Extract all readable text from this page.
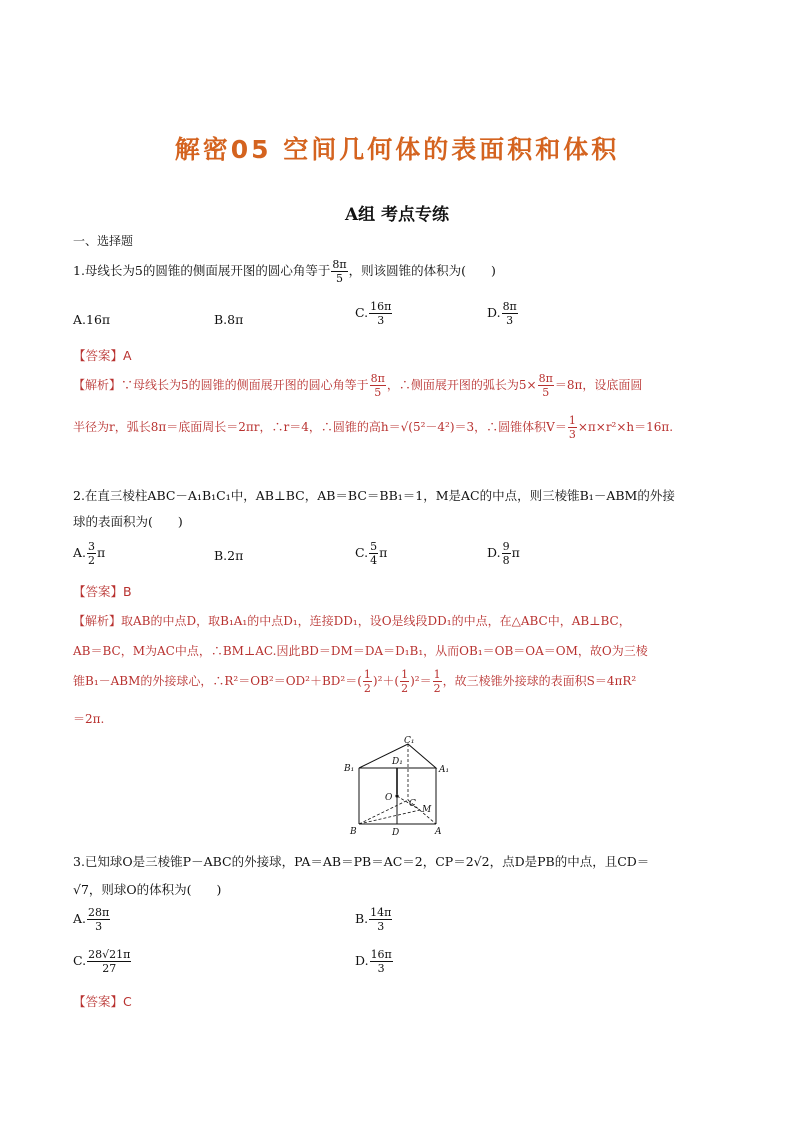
解密05 空间几何体的表面积和体积
A组 考点专练
一、选择题
1.母线长为5的圆锥的侧面展开图的圆心角等于 $\frac{8\pi}{5}$ ，则该圆锥的体积为(　　)
A.16π	B.8π	C. $\frac{16\pi}{3}$	D. $\frac{8\pi}{3}$
【答案】A
【解析】∵母线长为5的圆锥的侧面展开图的圆心角等于 $\frac{8\pi}{5}$ ，∴侧面展开图的弧长为$5\times \frac{8\pi}{5} =8\pi$，设底面圆
半径为r，弧长8π＝底面周长＝2πr，∴r＝4，∴圆锥的高h＝√(5²－4²)＝3，∴圆锥体积$V= \frac{1}{3} \times\pi\times r^2\times h=16\pi$.
2.在直三棱柱ABC－A₁B₁C₁中，AB⊥BC，AB＝BC＝BB₁＝1，M是AC的中点，则三棱锥B₁－ABM的外接
球的表面积为(　　)
A. $\frac{3}{2}$ π	B.2π	C. $\frac{5}{4}$ π	D. $\frac{9}{8}$ π
【答案】B
【解析】取AB的中点D，取B₁A₁的中点D₁，连接DD₁，设O是线段DD₁的中点，在△ABC中，AB⊥BC，
AB＝BC，M为AC中点，∴BM⊥AC.因此BD＝DM＝DA＝D₁B₁，从而OB₁＝OB＝OA＝OM，故O为三棱
锥B₁－ABM的外接球心，∴R²＝OB²＝OD²＋BD²＝( $\frac{1}{2} )^2+( \frac{1}{2} )^2= \frac{1}{2}$ ，故三棱锥外接球的表面积S＝4πR²
＝2π.
C₁
B₁
D₁
A₁
O
C
M
B	D	A
3.已知球O是三棱锥P－ABC的外接球，PA＝AB＝PB＝AC＝2，CP＝2√2，点D是PB的中点，且CD＝
√7，则球O的体积为(　　)
A. $\frac{28\pi}{3}$	B. $\frac{14\pi}{3}$
C. $\frac{28√21\pi}{27}$	D. $\frac{16\pi}{3}$
【答案】C
